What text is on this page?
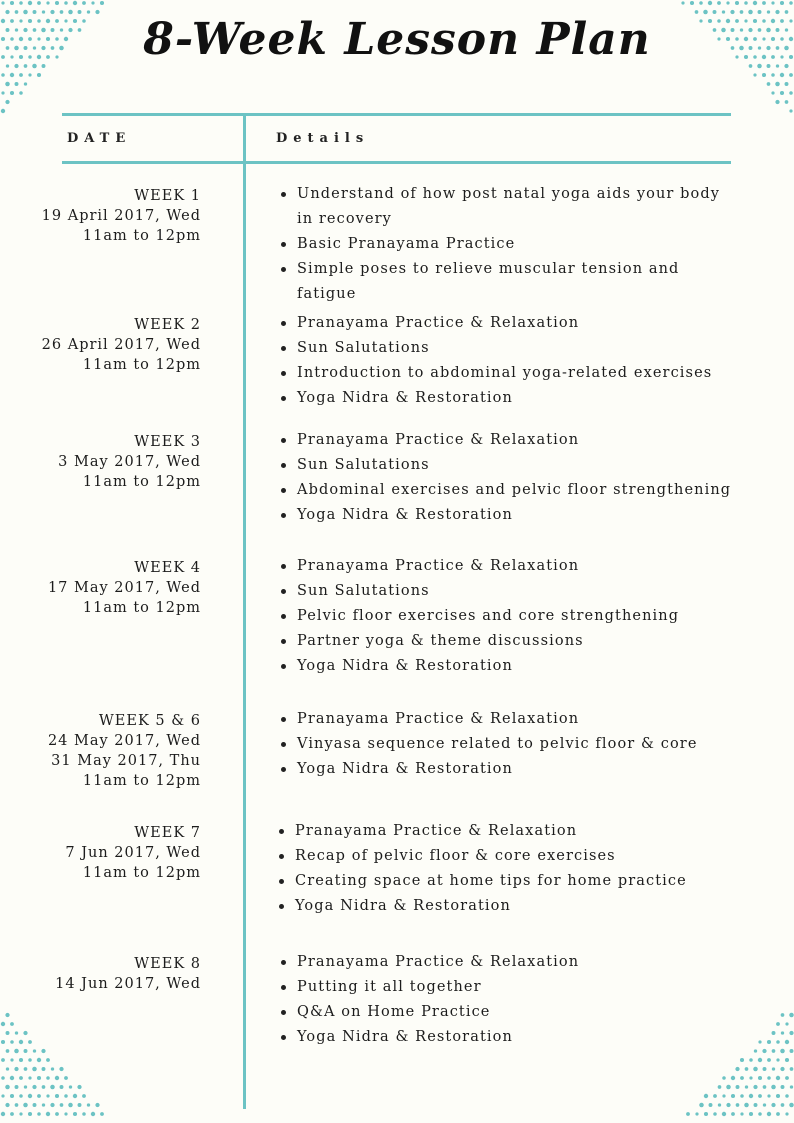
8-Week Lesson Plan
DATE	Details
WEEK 1
19 April 2017, Wed
11am to 12pm
Understand of how post natal yoga aids your body in recovery
Basic Pranayama Practice
Simple poses to relieve muscular tension and fatigue
WEEK 2
26 April 2017, Wed
11am to 12pm
Pranayama Practice & Relaxation
Sun Salutations
Introduction to abdominal yoga-related exercises
Yoga Nidra & Restoration
WEEK 3
3 May 2017, Wed
11am to 12pm
Pranayama Practice & Relaxation
Sun Salutations
Abdominal exercises and pelvic floor strengthening
Yoga Nidra & Restoration
WEEK 4
17 May 2017, Wed
11am to 12pm
Pranayama Practice & Relaxation
Sun Salutations
Pelvic floor exercises and core strengthening
Partner yoga & theme discussions
Yoga Nidra & Restoration
WEEK 5 & 6
24 May 2017, Wed
31 May 2017, Thu
11am to 12pm
Pranayama Practice & Relaxation
Vinyasa sequence related to pelvic floor & core
Yoga Nidra & Restoration
WEEK 7
7 Jun 2017, Wed
11am to 12pm
Pranayama Practice & Relaxation
Recap of pelvic floor & core exercises
Creating space at home tips for home practice
Yoga Nidra & Restoration
WEEK 8
14 Jun 2017, Wed
Pranayama Practice & Relaxation
Putting it all together
Q&A on Home Practice
Yoga Nidra & Restoration
